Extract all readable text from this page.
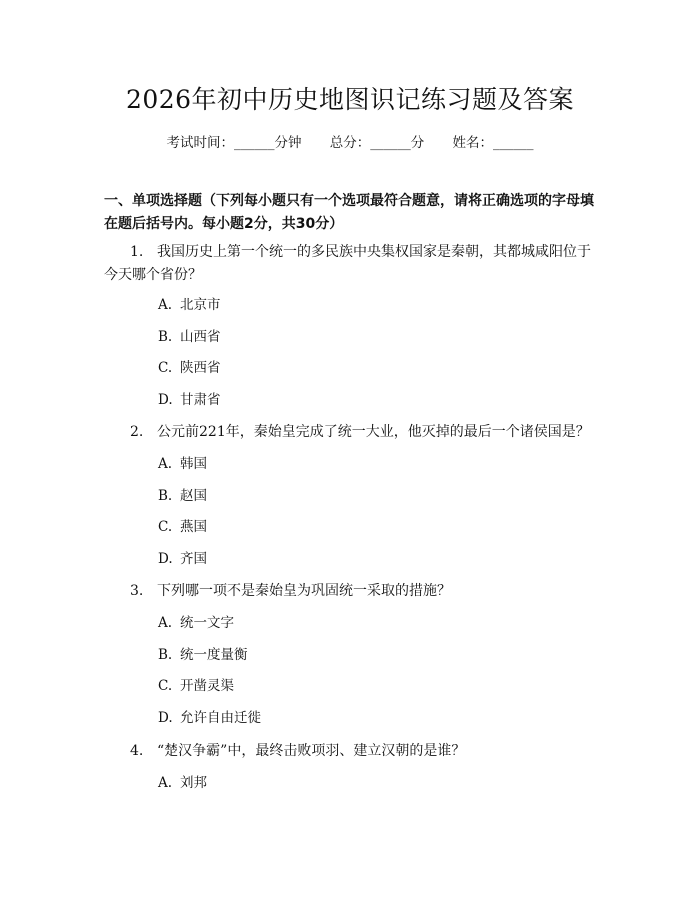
2026年初中历史地图识记练习题及答案
考试时间：______分钟 总分：______分 姓名：______
一、单项选择题（下列每小题只有一个选项最符合题意，请将正确选项的字母填在题后括号内。每小题2分，共30分）
1. 我国历史上第一个统一的多民族中央集权国家是秦朝，其都城咸阳位于今天哪个省份？
A. 北京市
B. 山西省
C. 陕西省
D. 甘肃省
2. 公元前221年，秦始皇完成了统一大业，他灭掉的最后一个诸侯国是？
A. 韩国
B. 赵国
C. 燕国
D. 齐国
3. 下列哪一项不是秦始皇为巩固统一采取的措施？
A. 统一文字
B. 统一度量衡
C. 开凿灵渠
D. 允许自由迁徙
4. “楚汉争霸”中，最终击败项羽、建立汉朝的是谁？
A. 刘邦
